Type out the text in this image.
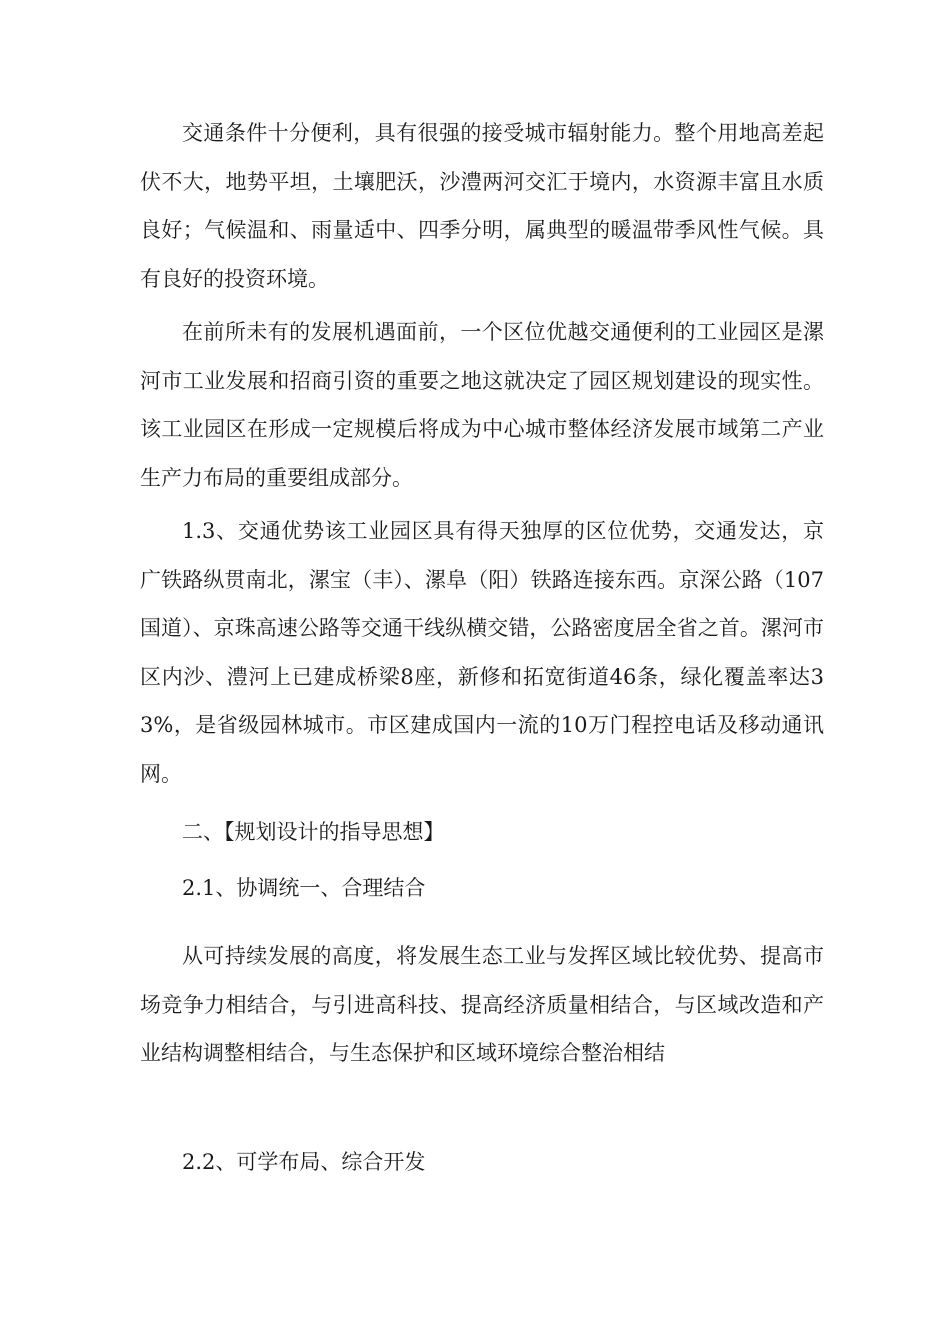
交通条件十分便利，具有很强的接受城市辐射能力。整个用地高差起伏不大，地势平坦，土壤肥沃，沙澧两河交汇于境内，水资源丰富且水质良好；气候温和、雨量适中、四季分明，属典型的暖温带季风性气候。具有良好的投资环境。

在前所未有的发展机遇面前，一个区位优越交通便利的工业园区是漯河市工业发展和招商引资的重要之地这就决定了园区规划建设的现实性。该工业园区在形成一定规模后将成为中心城市整体经济发展市域第二产业生产力布局的重要组成部分。

1.3、交通优势该工业园区具有得天独厚的区位优势，交通发达，京广铁路纵贯南北，漯宝（丰）、漯阜（阳）铁路连接东西。京深公路（107国道）、京珠高速公路等交通干线纵横交错，公路密度居全省之首。漯河市区内沙、澧河上已建成桥梁8座，新修和拓宽街道46条，绿化覆盖率达33%，是省级园林城市。市区建成国内一流的10万门程控电话及移动通讯网。

二、【规划设计的指导思想】

2.1、协调统一、合理结合

从可持续发展的高度，将发展生态工业与发挥区域比较优势、提高市场竞争力相结合，与引进高科技、提高经济质量相结合，与区域改造和产业结构调整相结合，与生态保护和区域环境综合整治相结

2.2、可学布局、综合开发
